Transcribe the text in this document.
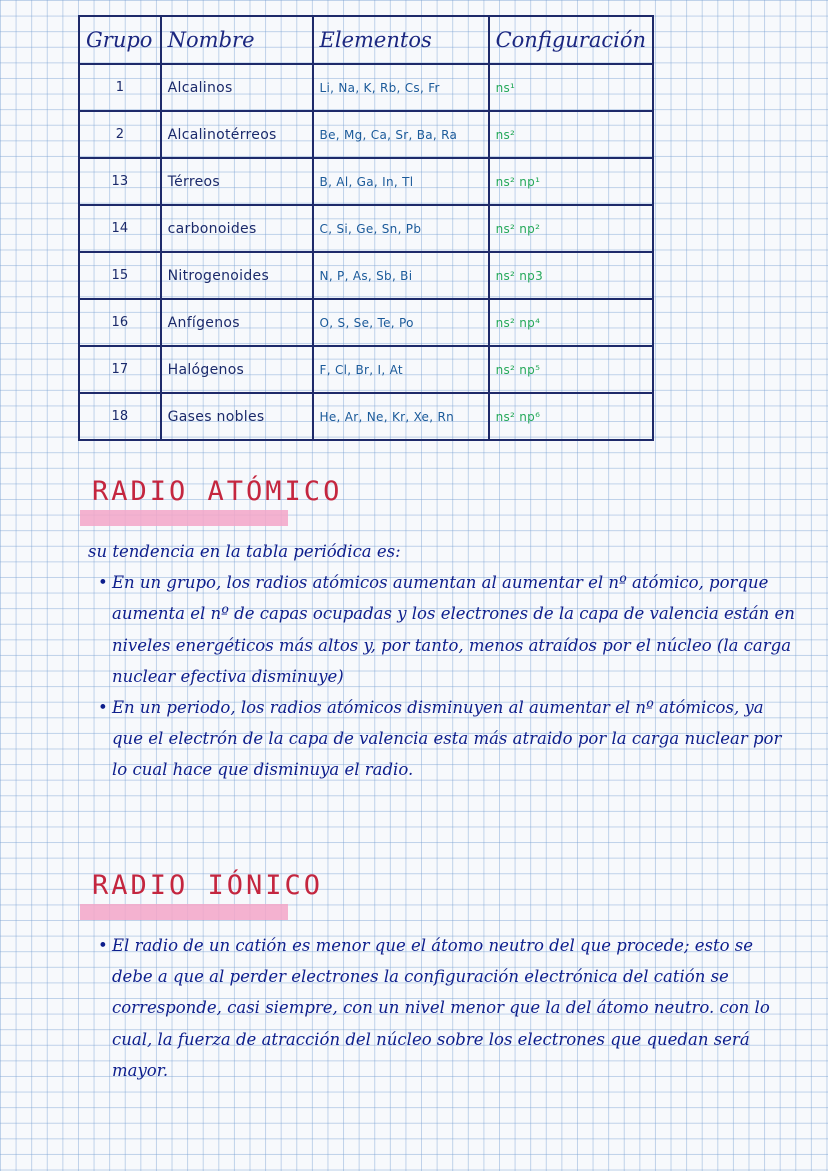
Grupo	Nombre	Elementos	Configuración
1	Alcalinos	Li, Na, K, Rb, Cs, Fr	ns¹
2	Alcalinotérreos	Be, Mg, Ca, Sr, Ba, Ra	ns²
13	Térreos	B, Al, Ga, In, Tl	ns² np¹
14	carbonoides	C, Si, Ge, Sn, Pb	ns² np²
15	Nitrogenoides	N, P, As, Sb, Bi	ns² np3
16	Anfígenos	O, S, Se, Te, Po	ns² np⁴
17	Halógenos	F, Cl, Br, I, At	ns² np⁵
18	Gases nobles	He, Ar, Ne, Kr, Xe, Rn	ns² np⁶
RADIO ATÓMICO

su tendencia en la tabla periódica es:

• En un grupo, los radios atómicos aumentan al aumentar el nº atómico, porque aumenta el nº de capas ocupadas y los electrones de la capa de valencia están en niveles energéticos más altos y, por tanto, menos atraídos por el núcleo (la carga nuclear efectiva disminuye)

• En un periodo, los radios atómicos disminuyen al aumentar el nº atómicos, ya que el electrón de la capa de valencia esta más atraido por la carga nuclear por lo cual hace que disminuya el radio.

RADIO IÓNICO

• El radio de un catión es menor que el átomo neutro del que procede; esto se debe a que al perder electrones la configuración electrónica del catión se corresponde, casi siempre, con un nivel menor que la del átomo neutro. con lo cual, la fuerza de atracción del núcleo sobre los electrones que quedan será mayor.
